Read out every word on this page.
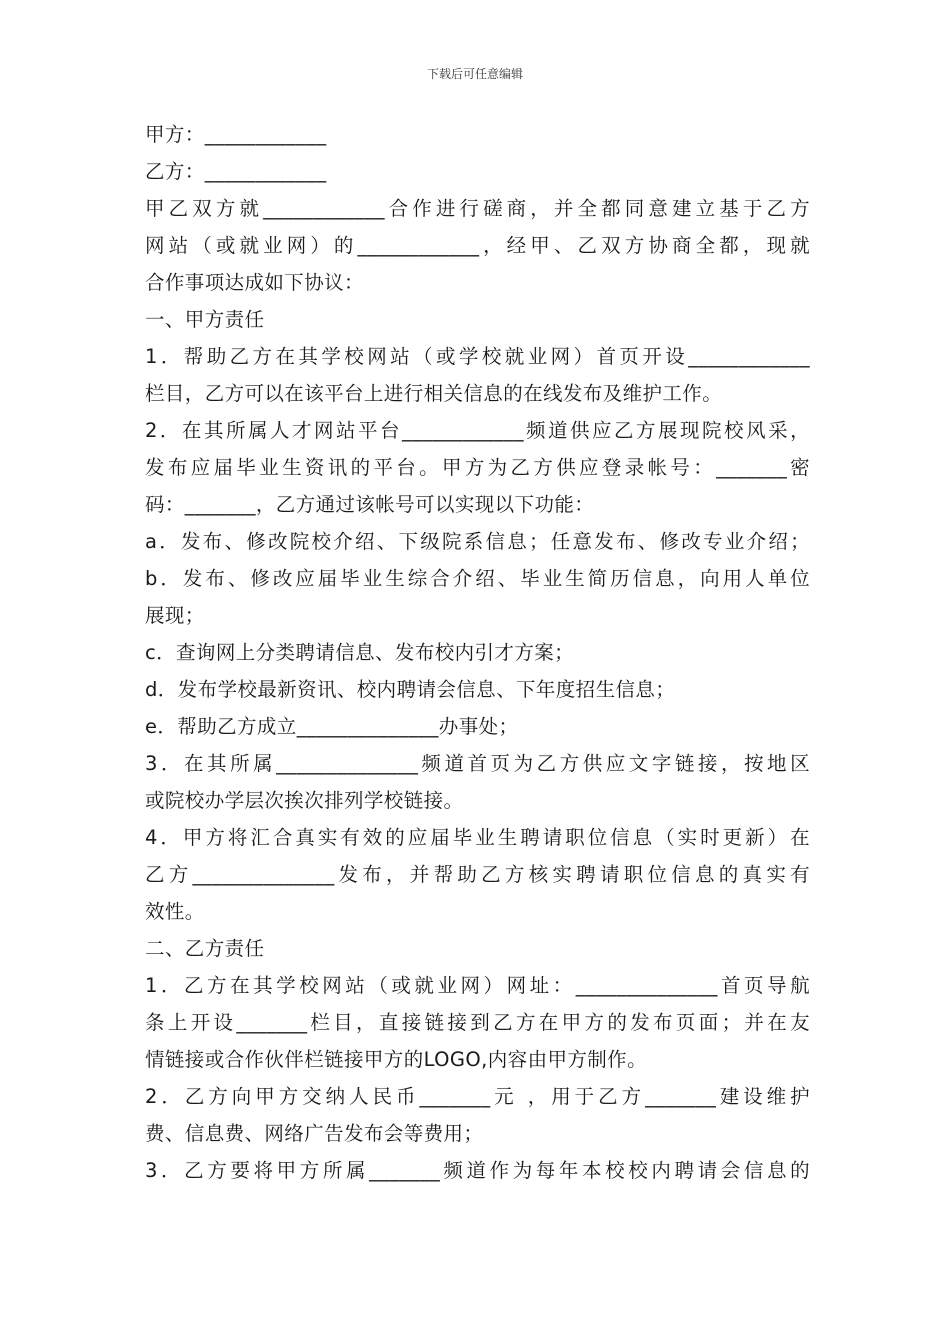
下载后可任意编辑
甲方：____________
乙方：____________
甲乙双方就____________合作进行磋商，并全都同意建立基于乙方
网站（或就业网）的____________，经甲、乙双方协商全都，现就
合作事项达成如下协议：
一、甲方责任
1．帮助乙方在其学校网站（或学校就业网）首页开设____________
栏目，乙方可以在该平台上进行相关信息的在线发布及维护工作。
2．在其所属人才网站平台____________频道供应乙方展现院校风采，
发布应届毕业生资讯的平台。甲方为乙方供应登录帐号：_______密
码：_______，乙方通过该帐号可以实现以下功能：
a．发布、修改院校介绍、下级院系信息；任意发布、修改专业介绍；
b．发布、修改应届毕业生综合介绍、毕业生简历信息，向用人单位
展现；
c．查询网上分类聘请信息、发布校内引才方案；
d．发布学校最新资讯、校内聘请会信息、下年度招生信息；
e．帮助乙方成立______________办事处；
3．在其所属______________频道首页为乙方供应文字链接，按地区
或院校办学层次挨次排列学校链接。
4．甲方将汇合真实有效的应届毕业生聘请职位信息（实时更新）在
乙方______________发布，并帮助乙方核实聘请职位信息的真实有
效性。
二、乙方责任
1．乙方在其学校网站（或就业网）网址：______________首页导航
条上开设_______栏目，直接链接到乙方在甲方的发布页面；并在友
情链接或合作伙伴栏链接甲方的LOGO,内容由甲方制作。
2．乙方向甲方交纳人民币_______元 ，用于乙方_______建设维护
费、信息费、网络广告发布会等费用；
3．乙方要将甲方所属_______频道作为每年本校校内聘请会信息的
